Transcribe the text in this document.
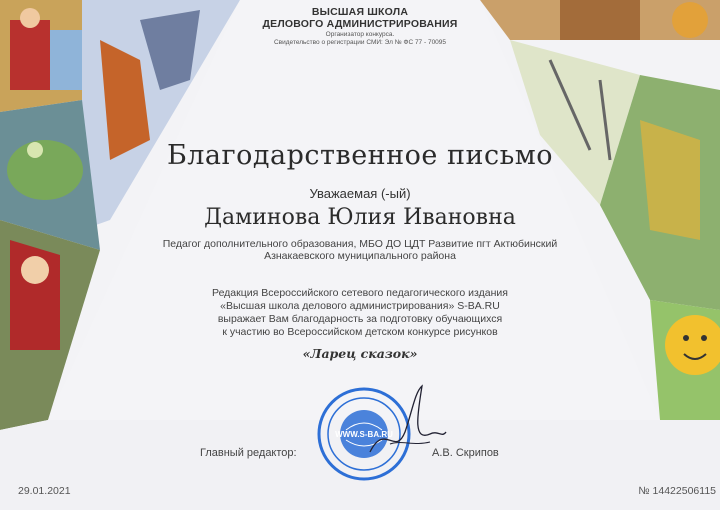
ВЫСШАЯ ШКОЛА
ДЕЛОВОГО АДМИНИСТРИРОВАНИЯ
Организатор конкурса.
Свидетельство о регистрации СМИ: Эл № ФС 77 - 70095
Благодарственное письмо
Уважаемая (-ый)
Даминова Юлия Ивановна
Педагог дополнительного образования, МБО ДО ЦДТ Развитие пгт Актюбинский
Азнакаевского муниципального района
Редакция Всероссийского сетевого педагогического издания
«Высшая школа делового администрирования» S-BA.RU
выражает Вам благодарность за подготовку обучающихся
к участию во Всероссийском детском конкурсе рисунков
«Ларец сказок»
WWW.S-BA.RU
Главный редактор:	А.В. Скрипов
29.01.2021	№ 14422506115
